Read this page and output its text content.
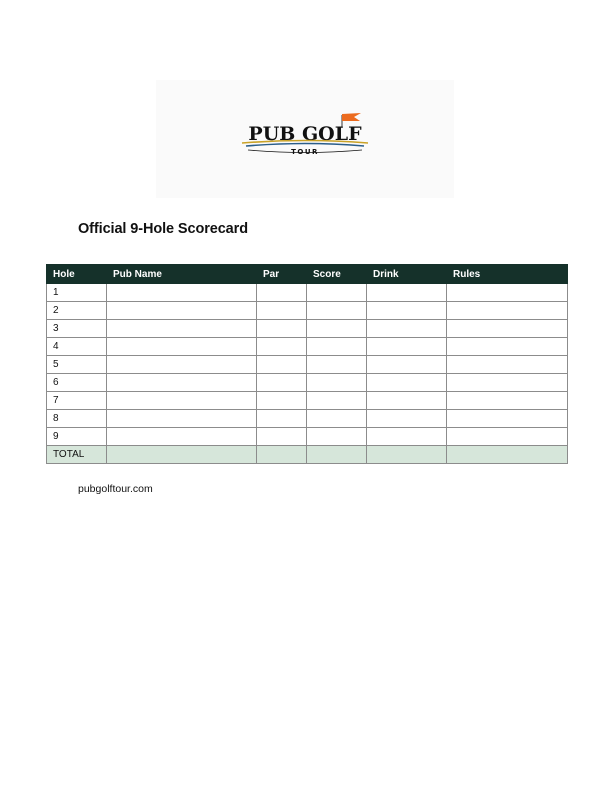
PUB GOLF
TOUR
Official 9-Hole Scorecard
Hole	Pub Name	Par	Score	Drink	Rules
1					
2					
3					
4					
5					
6					
7					
8					
9					
TOTAL					
pubgolftour.com
